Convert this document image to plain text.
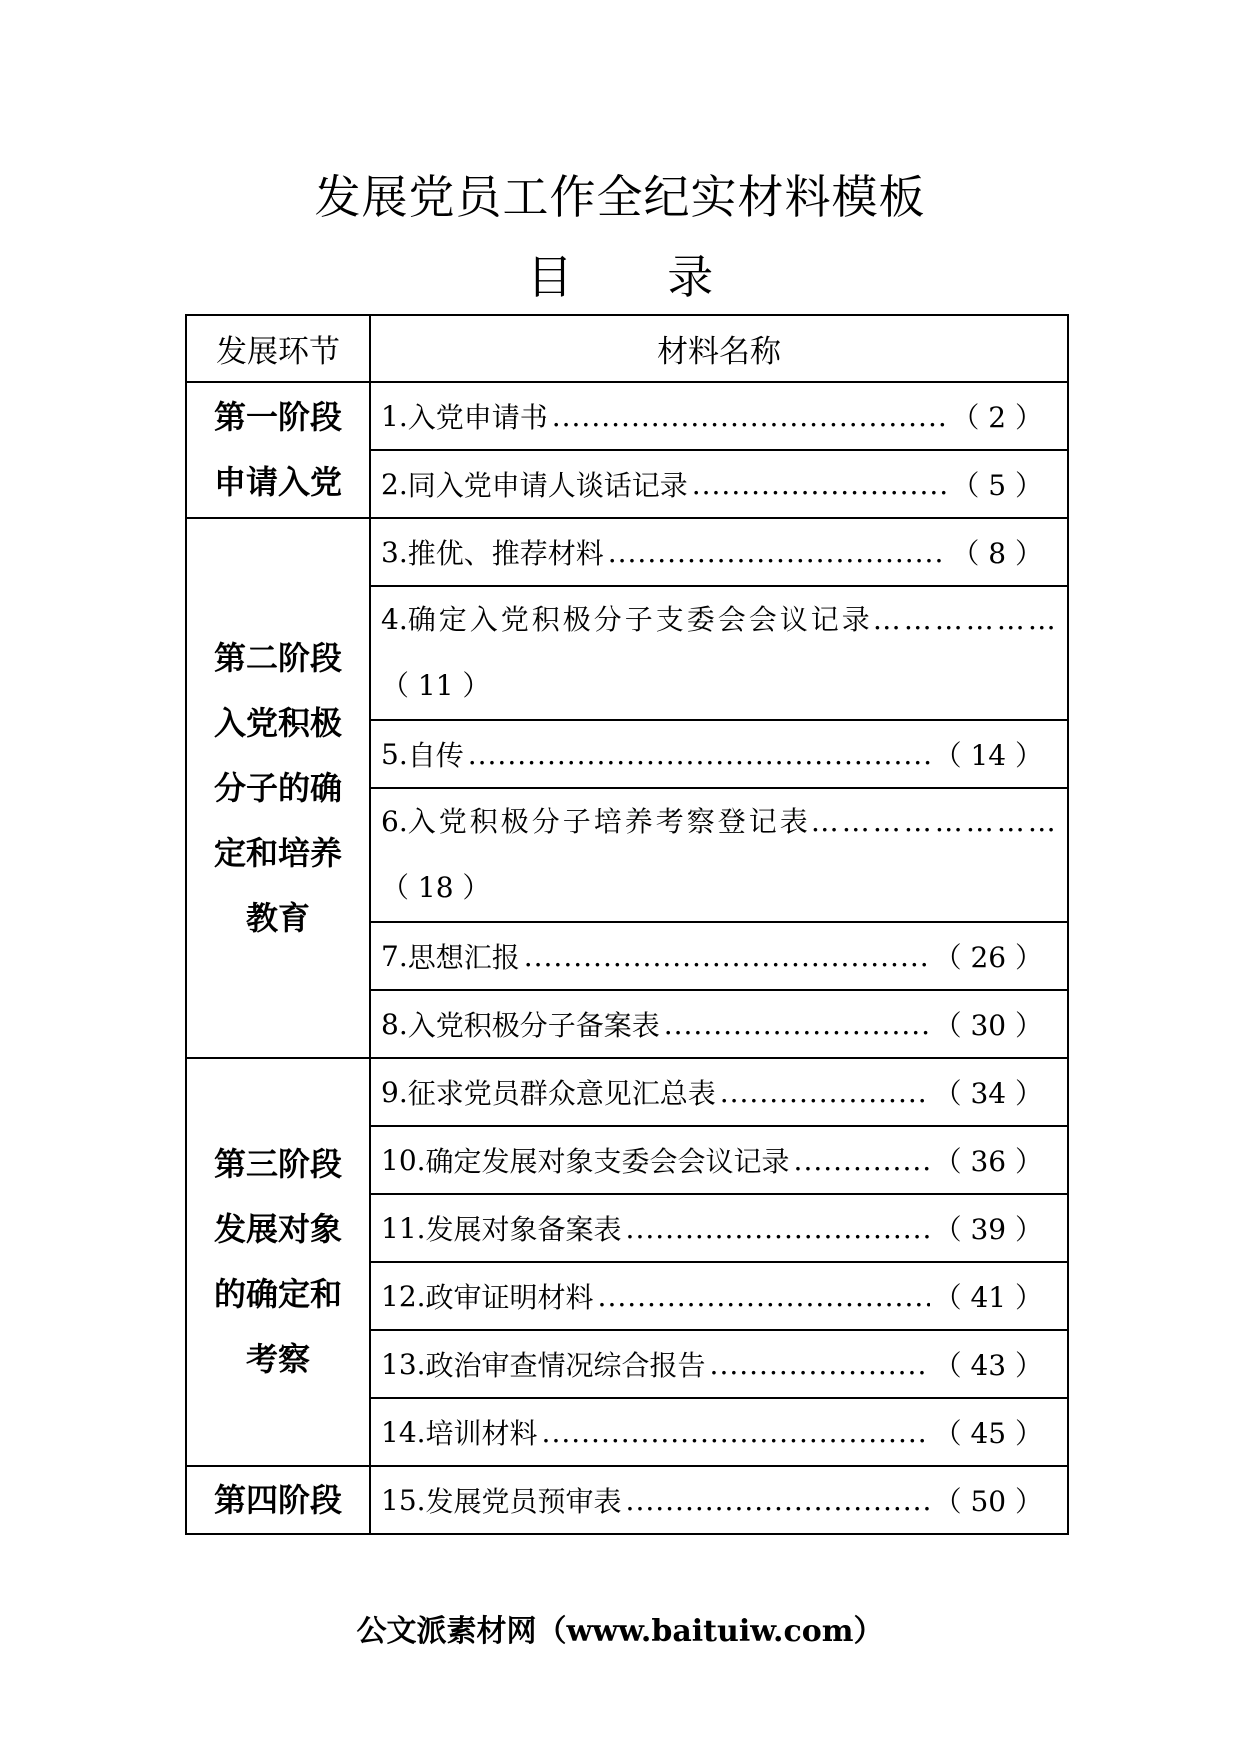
发展党员工作全纪实材料模板
目 录
发展环节	材料名称

第一阶段
申请入党	1. 入党申请书 ..... （ 2 ）

	2. 同入党申请人谈话记录 ..... （ 5 ）

第二阶段
入党积极
分子的确
定和培养
教育	3. 推优、推荐材料 ..... （ 8 ）

	4. 确定入党积极分子支委会会议记录
…………………………………………………………
（ 11 ）

	5. 自传 ..... （ 14 ）

	6. 入党积极分子培养考察登记表
…………………………………………………………
（ 18 ）

	7. 思想汇报 ..... （ 26 ）

	8. 入党积极分子备案表 ..... （ 30 ）

第三阶段
发展对象
的确定和
考察	9. 征求党员群众意见汇总表 ..... （ 34 ）

	10. 确定发展对象支委会会议记录 ..... （ 36 ）

	11. 发展对象备案表 ..... （ 39 ）

	12. 政审证明材料 ..... （ 41 ）

	13. 政治审查情况综合报告 ..... （ 43 ）

	14. 培训材料 ..... （ 45 ）

第四阶段	15. 发展党员预审表 ..... （ 50 ）
公文派素材网（www.baituiw.com）
